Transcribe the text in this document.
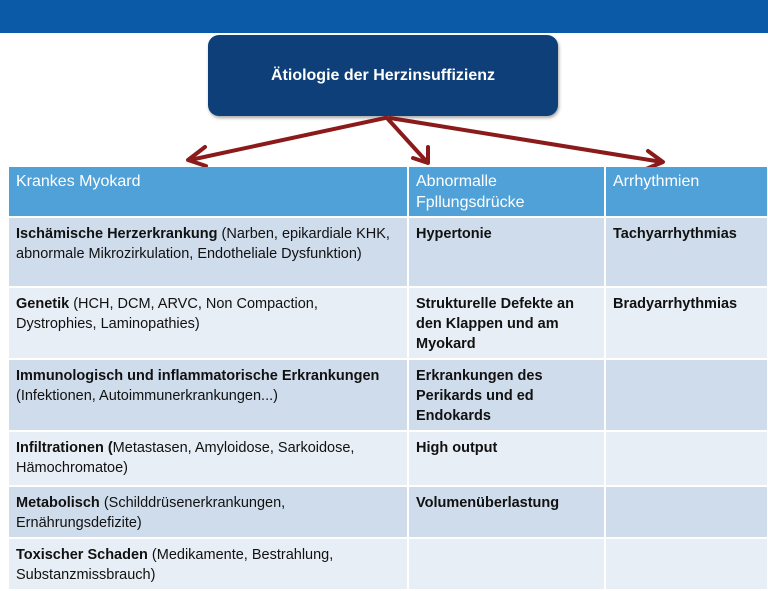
Ätiologie der Herzinsuffizienz
Krankes Myokard	Abnormalle Fpllungsdrücke	Arrhythmien
Ischämische Herzerkrankung (Narben, epikardiale KHK, abnormale Mikrozirkulation, Endotheliale Dysfunktion)	Hypertonie	Tachyarrhythmias
Genetik (HCH, DCM, ARVC, Non Compaction, Dystrophies, Laminopathies)	Strukturelle Defekte an den Klappen und am Myokard	Bradyarrhythmias
Immunologisch und inflammatorische Erkrankungen (Infektionen, Autoimmunerkrankungen...)	Erkrankungen des Perikards und ed Endokards	
Infiltrationen (Metastasen, Amyloidose, Sarkoidose, Hämochromatoe)	High output	
Metabolisch (Schilddrüsenerkrankungen, Ernährungsdefizite)	Volumenüberlastung	
Toxischer Schaden (Medikamente, Bestrahlung, Substanzmissbrauch)		
